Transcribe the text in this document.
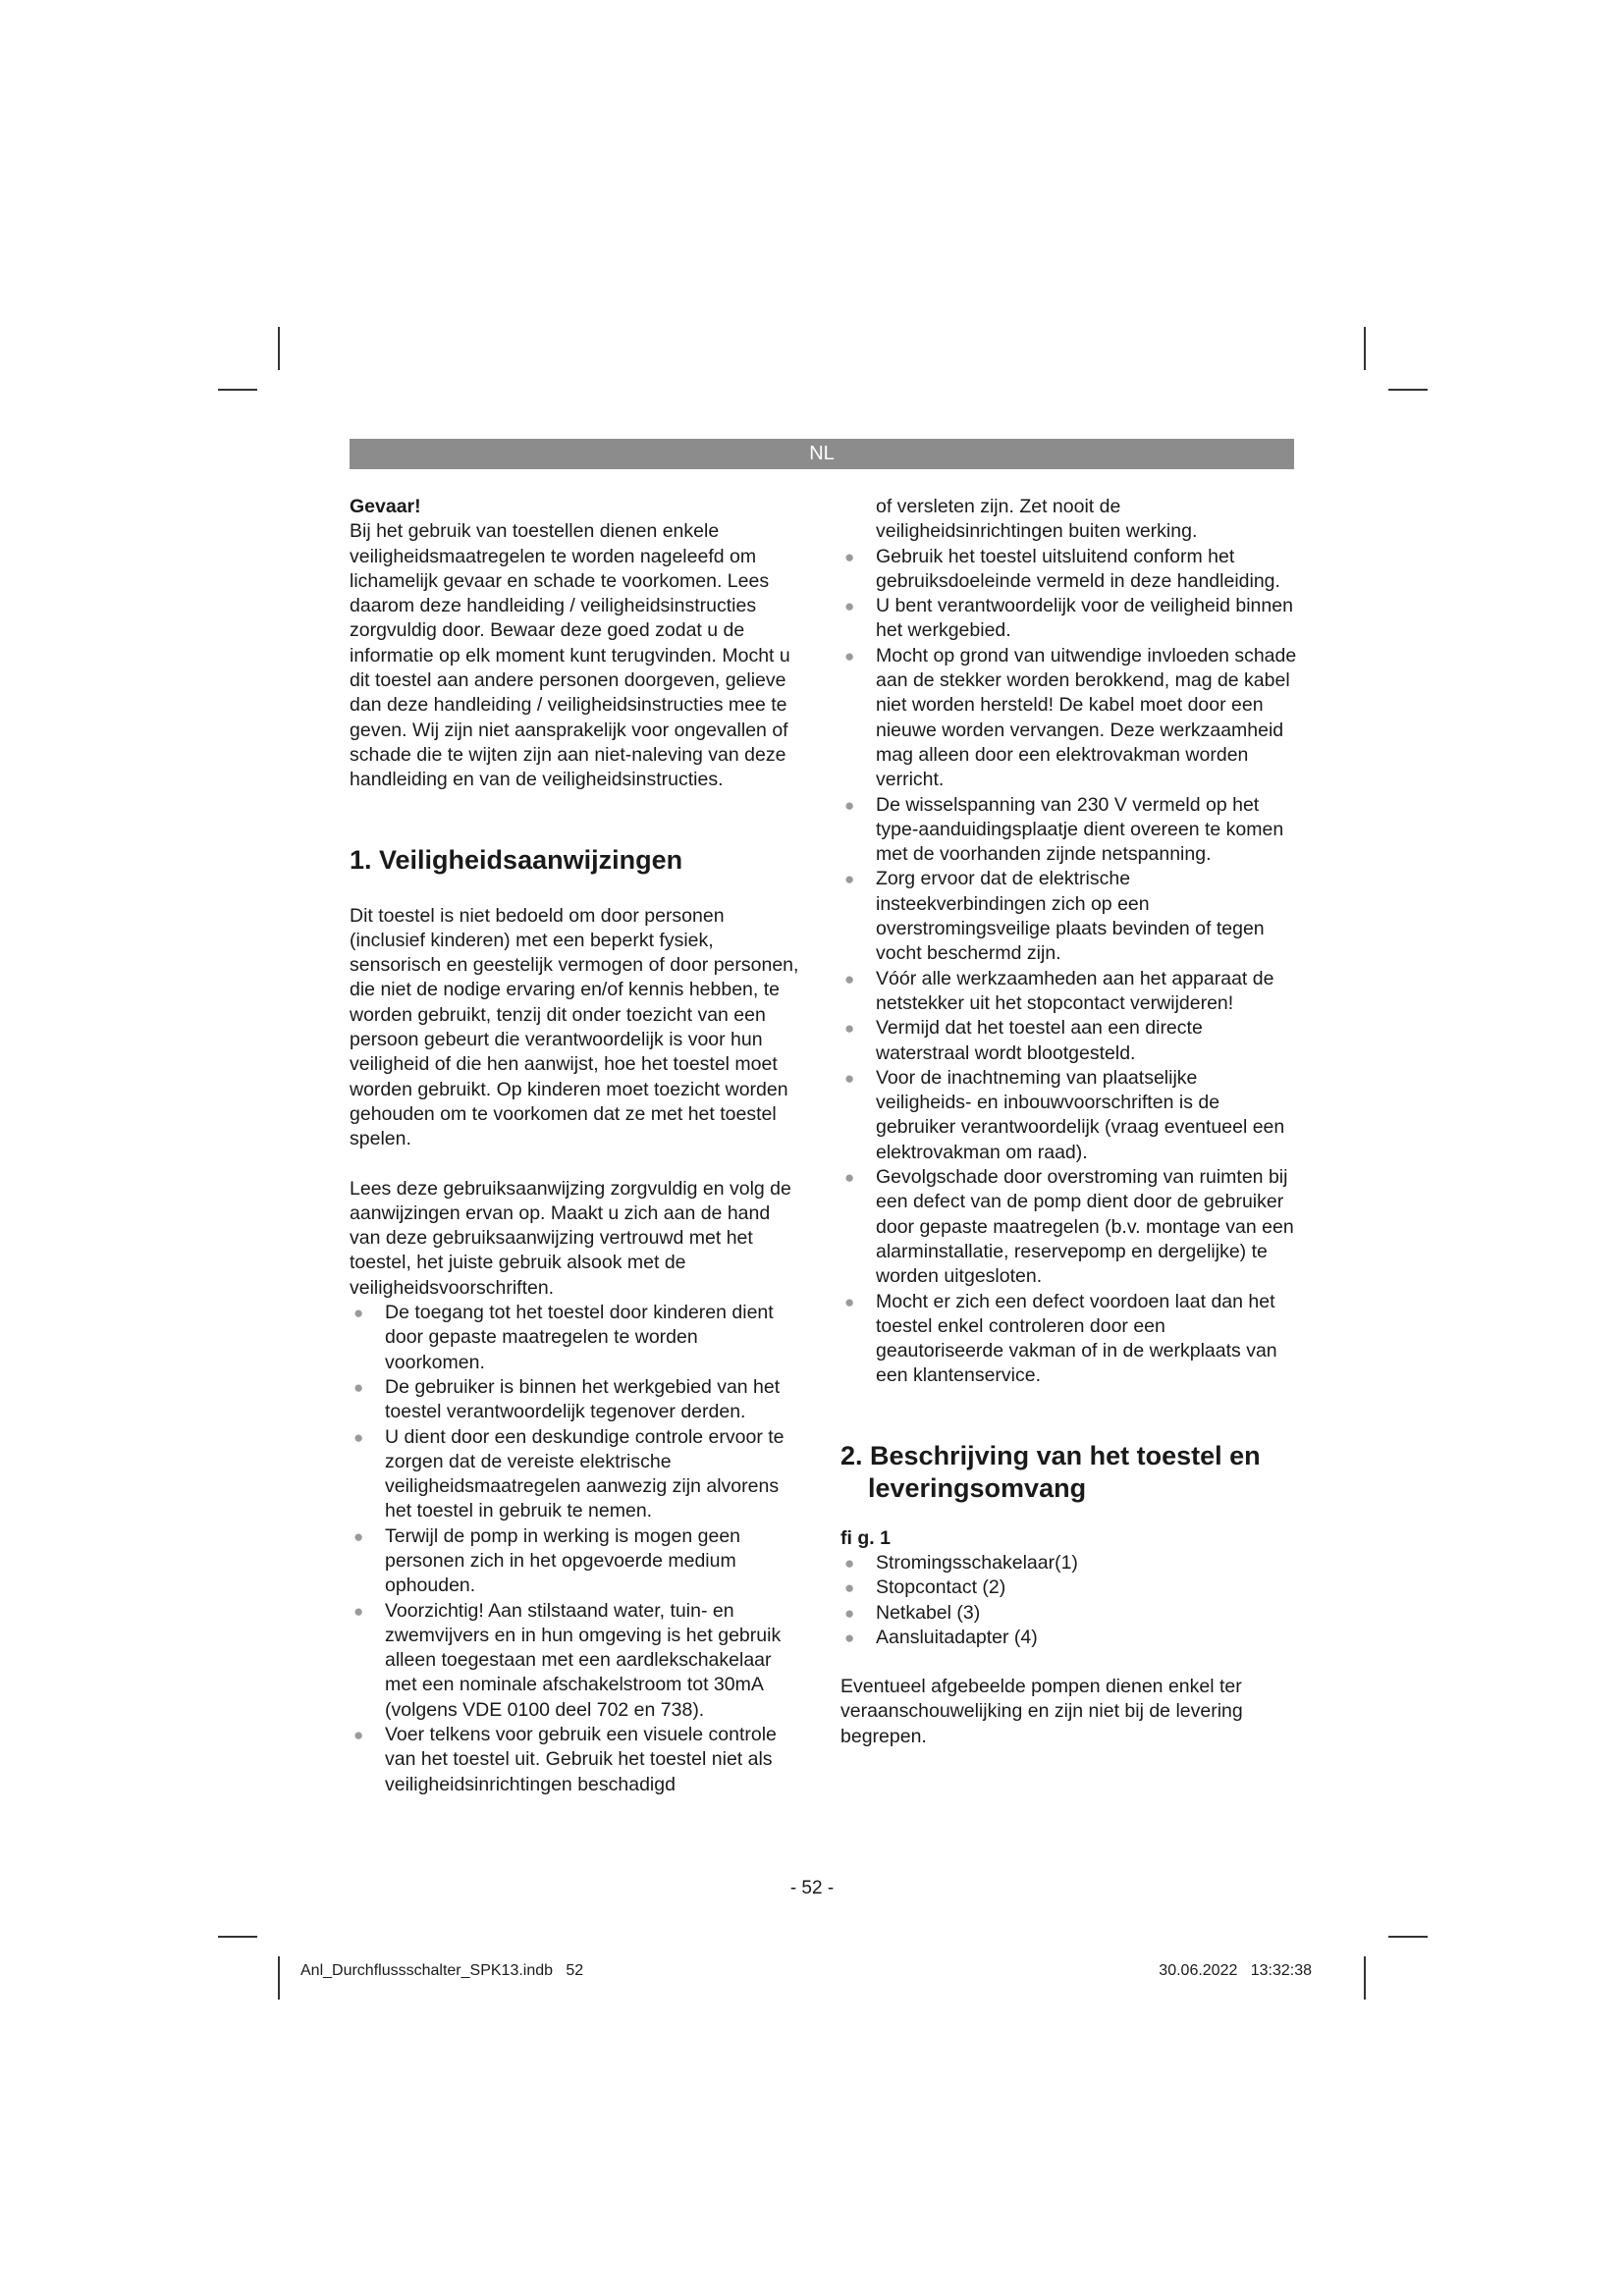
NL

Gevaar!

Bij het gebruik van toestellen dienen enkele veiligheidsmaatregelen te worden nageleefd om lichamelijk gevaar en schade te voorkomen. Lees daarom deze handleiding / veiligheidsinstructies zorgvuldig door. Bewaar deze goed zodat u de informatie op elk moment kunt terugvinden. Mocht u dit toestel aan andere personen doorgeven, gelieve dan deze handleiding / veiligheidsinstructies mee te geven. Wij zijn niet aansprakelijk voor ongevallen of schade die te wijten zijn aan niet-naleving van deze handleiding en van de veiligheidsinstructies.

1. Veiligheidsaanwijzingen

Dit toestel is niet bedoeld om door personen (inclusief kinderen) met een beperkt fysiek, sensorisch en geestelijk vermogen of door personen, die niet de nodige ervaring en/of kennis hebben, te worden gebruikt, tenzij dit onder toezicht van een persoon gebeurt die verantwoordelijk is voor hun veiligheid of die hen aanwijst, hoe het toestel moet worden gebruikt. Op kinderen moet toezicht worden gehouden om te voorkomen dat ze met het toestel spelen.

Lees deze gebruiksaanwijzing zorgvuldig en volg de aanwijzingen ervan op. Maakt u zich aan de hand van deze gebruiksaanwijzing vertrouwd met het toestel, het juiste gebruik alsook met de veiligheidsvoorschriften.

● De toegang tot het toestel door kinderen dient door gepaste maatregelen te worden voorkomen.
● De gebruiker is binnen het werkgebied van het toestel verantwoordelijk tegenover derden.
● U dient door een deskundige controle ervoor te zorgen dat de vereiste elektrische veiligheidsmaatregelen aanwezig zijn alvorens het toestel in gebruik te nemen.
● Terwijl de pomp in werking is mogen geen personen zich in het opgevoerde medium ophouden.
● Voorzichtig! Aan stilstaand water, tuin- en zwemvijvers en in hun omgeving is het gebruik alleen toegestaan met een aardlekschakelaar met een nominale afschakelstroom tot 30mA (volgens VDE 0100 deel 702 en 738).
● Voer telkens voor gebruik een visuele controle van het toestel uit. Gebruik het toestel niet als veiligheidsinrichtingen beschadigd

of versleten zijn. Zet nooit de veiligheidsinrichtingen buiten werking.

● Gebruik het toestel uitsluitend conform het gebruiksdoeleinde vermeld in deze handleiding.
● U bent verantwoordelijk voor de veiligheid binnen het werkgebied.
● Mocht op grond van uitwendige invloeden schade aan de stekker worden berokkend, mag de kabel niet worden hersteld! De kabel moet door een nieuwe worden vervangen. Deze werkzaamheid mag alleen door een elektrovakman worden verricht.
● De wisselspanning van 230 V vermeld op het type-aanduidingsplaatje dient overeen te komen met de voorhanden zijnde netspanning.
● Zorg ervoor dat de elektrische insteekverbindingen zich op een overstromingsveilige plaats bevinden of tegen vocht beschermd zijn.
● Vóór alle werkzaamheden aan het apparaat de netstekker uit het stopcontact verwijderen!
● Vermijd dat het toestel aan een directe waterstraal wordt blootgesteld.
● Voor de inachtneming van plaatselijke veiligheids- en inbouwvoorschriften is de gebruiker verantwoordelijk (vraag eventueel een elektrovakman om raad).
● Gevolgschade door overstroming van ruimten bij een defect van de pomp dient door de gebruiker door gepaste maatregelen (b.v. montage van een alarminstallatie, reservepomp en dergelijke) te worden uitgesloten.
● Mocht er zich een defect voordoen laat dan het toestel enkel controleren door een geautoriseerde vakman of in de werkplaats van een klantenservice.
2. Beschrijving van het toestel en leveringsomvang

fi g. 1

● Stromingsschakelaar(1)
● Stopcontact (2)
● Netkabel (3)
● Aansluitadapter (4)

Eventueel afgebeelde pompen dienen enkel ter veraanschouwelijking en zijn niet bij de levering begrepen.

- 52 -
Anl_Durchflussschalter_SPK13.indb   52	30.06.2022   13:32:38
